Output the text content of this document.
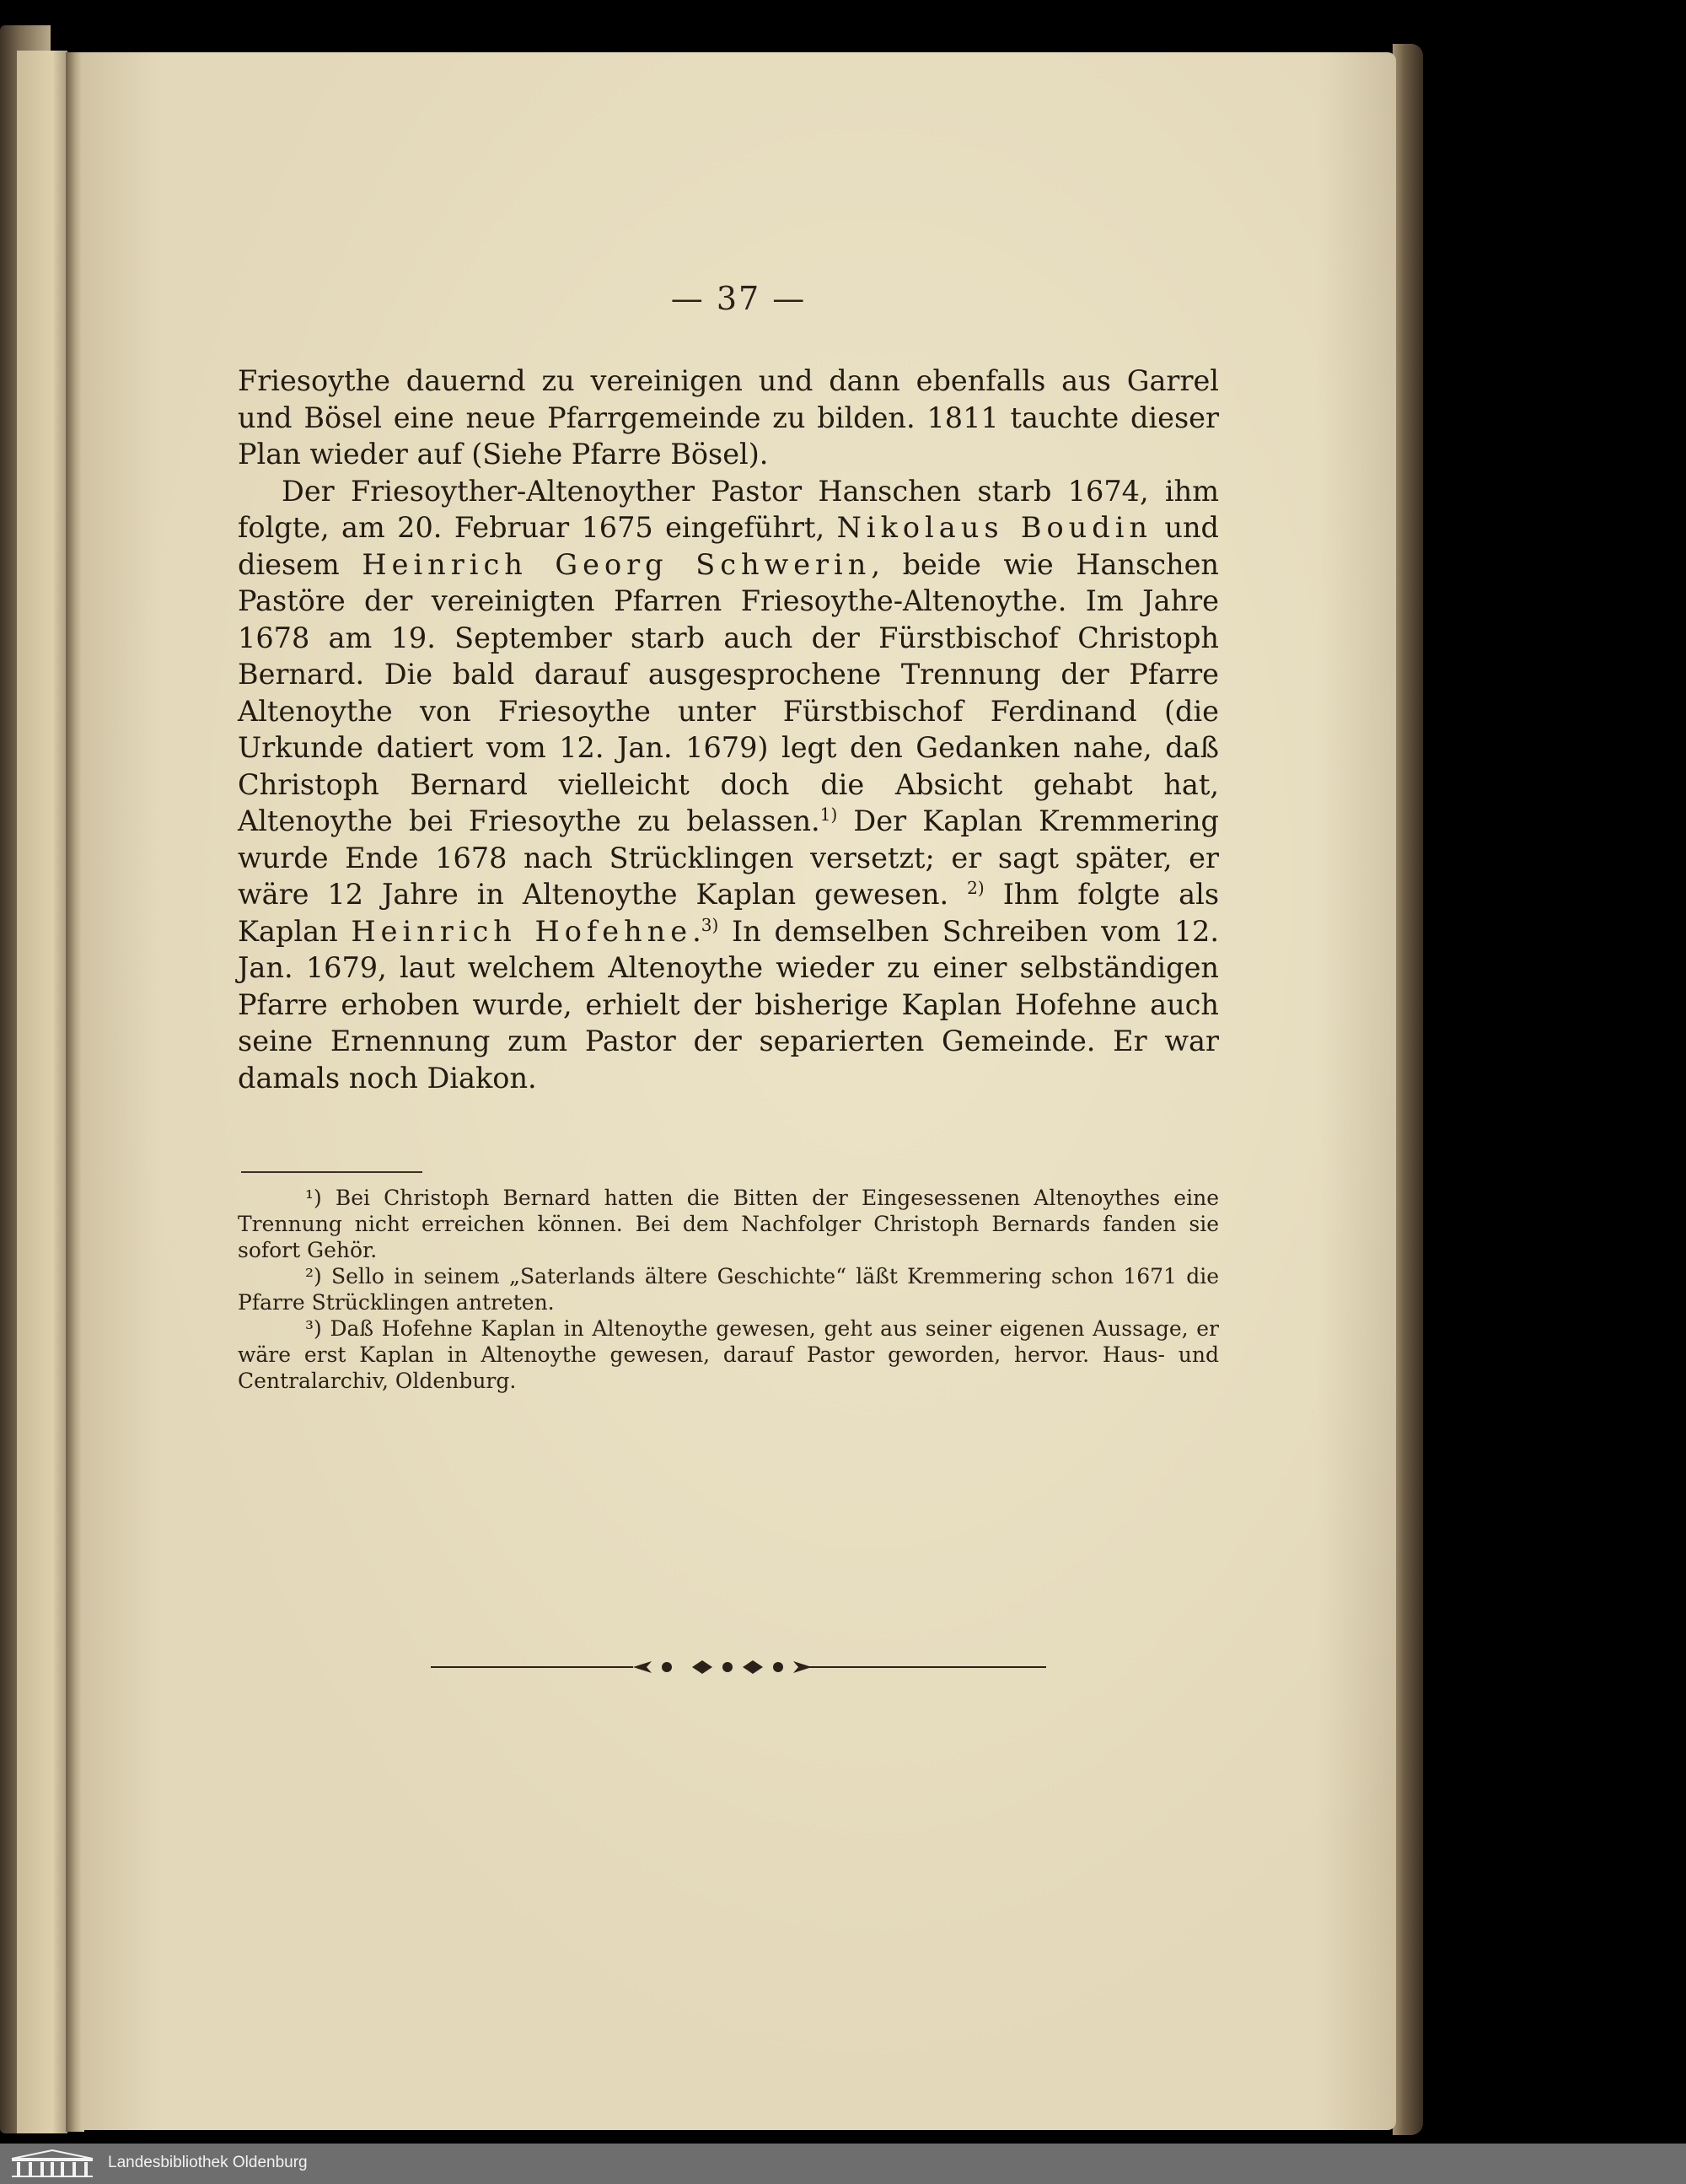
— 37 —

Friesoythe dauernd zu vereinigen und dann ebenfalls aus Garrel und Bösel eine neue Pfarrgemeinde zu bilden. 1811 tauchte dieser Plan wieder auf (Siehe Pfarre Bösel).

Der Friesoyther-Altenoyther Pastor Hanschen starb 1674, ihm folgte, am 20. Februar 1675 eingeführt, Nikolaus Boudin und diesem Heinrich Georg Schwerin, beide wie Hanschen Pastöre der vereinigten Pfarren Friesoythe-Altenoythe. Im Jahre 1678 am 19. September starb auch der Fürstbischof Christoph Bernard. Die bald darauf ausgesprochene Trennung der Pfarre Altenoythe von Friesoythe unter Fürstbischof Ferdinand (die Urkunde datiert vom 12. Jan. 1679) legt den Gedanken nahe, daß Christoph Bernard vielleicht doch die Absicht gehabt hat, Altenoythe bei Friesoythe zu belassen.$^{1)}$ Der Kaplan Kremmering wurde Ende 1678 nach Strücklingen versetzt; er sagt später, er wäre 12 Jahre in Altenoythe Kaplan gewesen. $^{2)}$ Ihm folgte als Kaplan Heinrich Hofehne.$^{3)}$ In demselben Schreiben vom 12. Jan. 1679, laut welchem Altenoythe wieder zu einer selbständigen Pfarre erhoben wurde, erhielt der bisherige Kaplan Hofehne auch seine Ernennung zum Pastor der separierten Gemeinde. Er war damals noch Diakon.

¹) Bei Christoph Bernard hatten die Bitten der Eingesessenen Altenoythes eine Trennung nicht erreichen können. Bei dem Nachfolger Christoph Bernards fanden sie sofort Gehör.

²) Sello in seinem „Saterlands ältere Geschichte“ läßt Kremmering schon 1671 die Pfarre Strücklingen antreten.

³) Daß Hofehne Kaplan in Altenoythe gewesen, geht aus seiner eigenen Aussage, er wäre erst Kaplan in Altenoythe gewesen, darauf Pastor geworden, hervor. Haus- und Centralarchiv, Oldenburg.

Landesbibliothek Oldenburg
